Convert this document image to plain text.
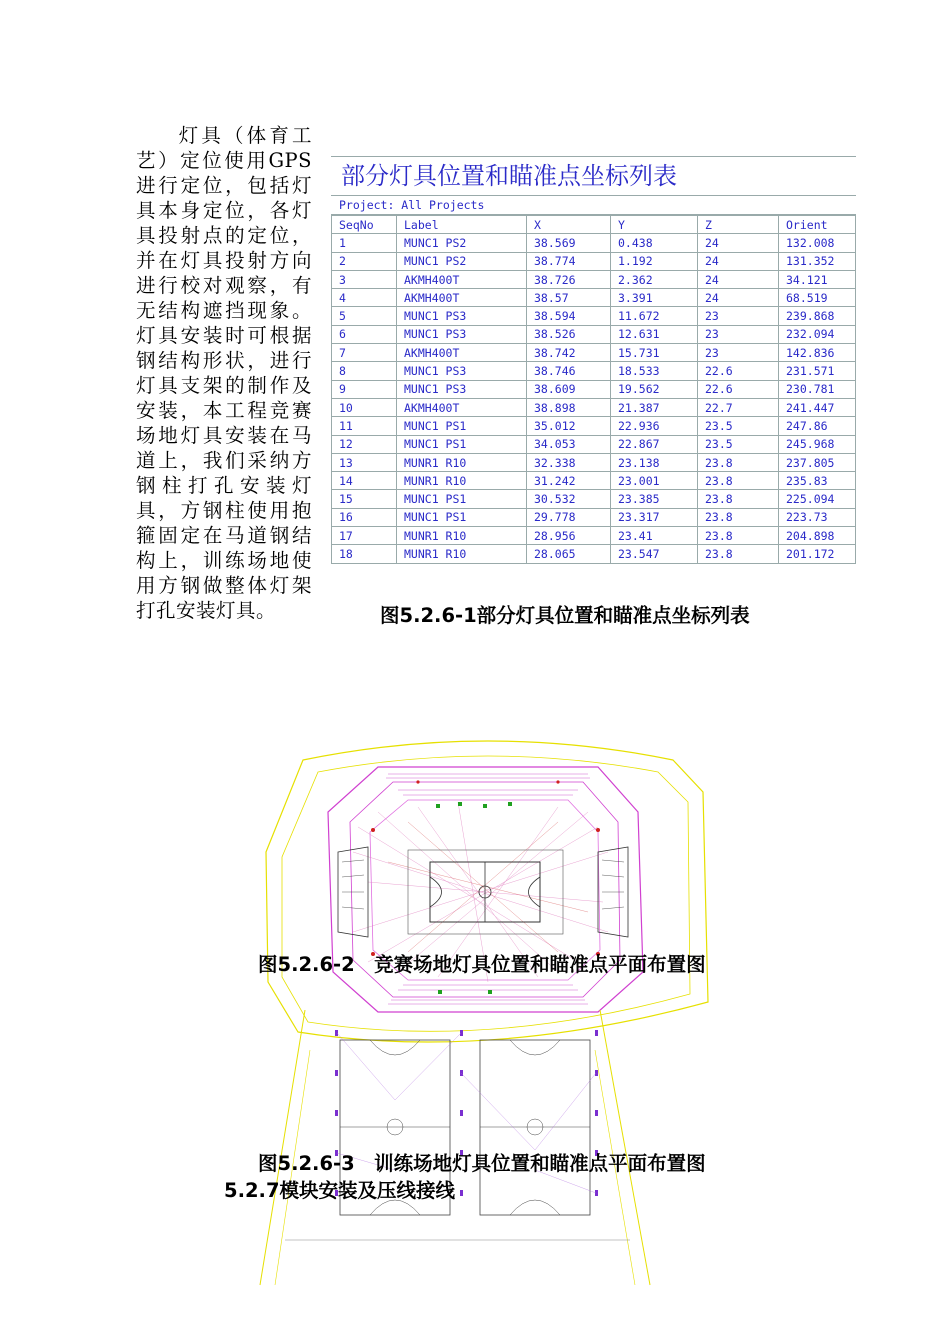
灯具（体育工艺）定位使用GPS进行定位，包括灯具本身定位，各灯具投射点的定位，并在灯具投射方向进行校对观察，有无结构遮挡现象。灯具安装时可根据钢结构形状，进行灯具支架的制作及安装，本工程竞赛场地灯具安装在马道上，我们采纳方钢柱打孔安装灯具，方钢柱使用抱箍固定在马道钢结构上，训练场地使用方钢做整体灯架打孔安装灯具。
部分灯具位置和瞄准点坐标列表
Project: All Projects
SeqNo	Label	X	Y	Z	Orient
1	MUNC1 PS2	38.569	0.438	24	132.008
2	MUNC1 PS2	38.774	1.192	24	131.352
3	AKMH400T	38.726	2.362	24	34.121
4	AKMH400T	38.57	3.391	24	68.519
5	MUNC1 PS3	38.594	11.672	23	239.868
6	MUNC1 PS3	38.526	12.631	23	232.094
7	AKMH400T	38.742	15.731	23	142.836
8	MUNC1 PS3	38.746	18.533	22.6	231.571
9	MUNC1 PS3	38.609	19.562	22.6	230.781
10	AKMH400T	38.898	21.387	22.7	241.447
11	MUNC1 PS1	35.012	22.936	23.5	247.86
12	MUNC1 PS1	34.053	22.867	23.5	245.968
13	MUNR1 R10	32.338	23.138	23.8	237.805
14	MUNR1 R10	31.242	23.001	23.8	235.83
15	MUNC1 PS1	30.532	23.385	23.8	225.094
16	MUNC1 PS1	29.778	23.317	23.8	223.73
17	MUNR1 R10	28.956	23.41	23.8	204.898
18	MUNR1 R10	28.065	23.547	23.8	201.172
图5.2.6-1部分灯具位置和瞄准点坐标列表
图5.2.6-2　竞赛场地灯具位置和瞄准点平面布置图
图5.2.6-3　训练场地灯具位置和瞄准点平面布置图
5.2.7模块安装及压线接线
